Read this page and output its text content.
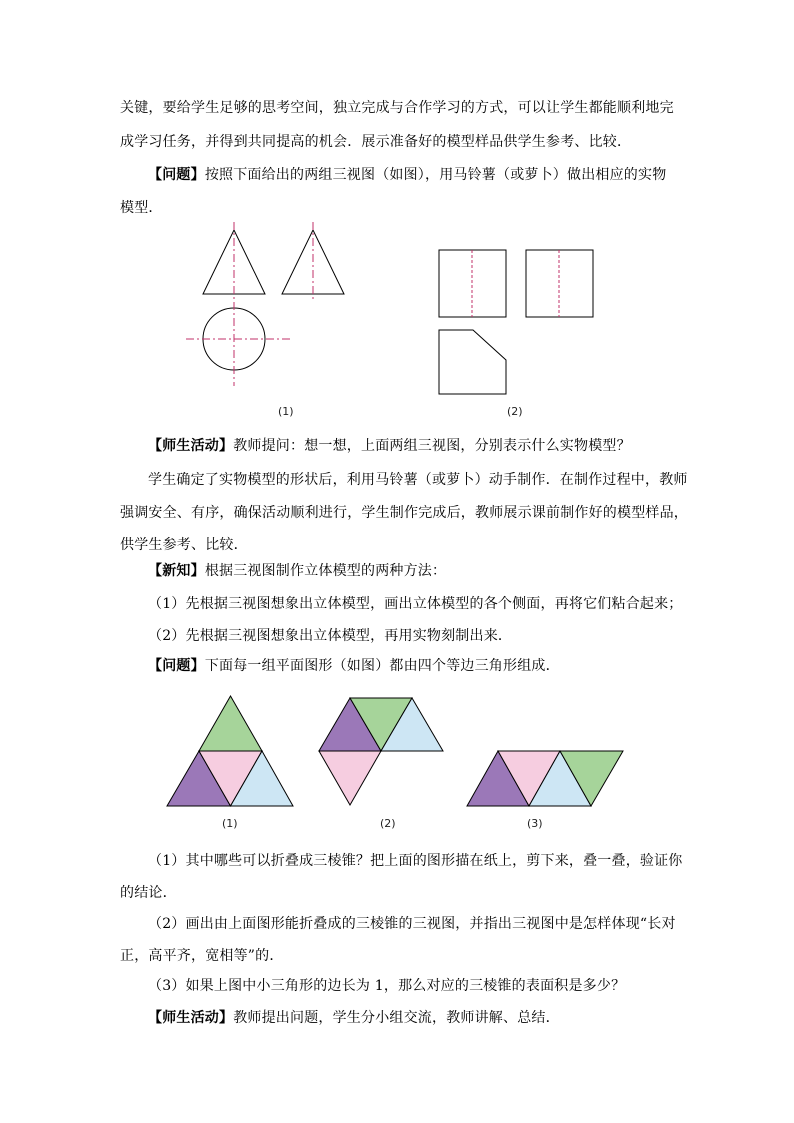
关键，要给学生足够的思考空间，独立完成与合作学习的方式，可以让学生都能顺利地完
成学习任务，并得到共同提高的机会．展示准备好的模型样品供学生参考、比较．
【问题】按照下面给出的两组三视图（如图），用马铃薯（或萝卜）做出相应的实物
模型．
(1)	(2)
【师生活动】教师提问：想一想，上面两组三视图，分别表示什么实物模型？
学生确定了实物模型的形状后，利用马铃薯（或萝卜）动手制作．在制作过程中，教师
强调安全、有序，确保活动顺利进行，学生制作完成后，教师展示课前制作好的模型样品，
供学生参考、比较．
【新知】根据三视图制作立体模型的两种方法：
（1）先根据三视图想象出立体模型，画出立体模型的各个侧面，再将它们粘合起来；
（2）先根据三视图想象出立体模型，再用实物刻制出来．
【问题】下面每一组平面图形（如图）都由四个等边三角形组成．
(1)	(2)	(3)
（1）其中哪些可以折叠成三棱锥？把上面的图形描在纸上，剪下来，叠一叠，验证你
的结论．
（2）画出由上面图形能折叠成的三棱锥的三视图，并指出三视图中是怎样体现“长对
正，高平齐，宽相等”的．
（3）如果上图中小三角形的边长为 1，那么对应的三棱锥的表面积是多少？
【师生活动】教师提出问题，学生分小组交流，教师讲解、总结．
